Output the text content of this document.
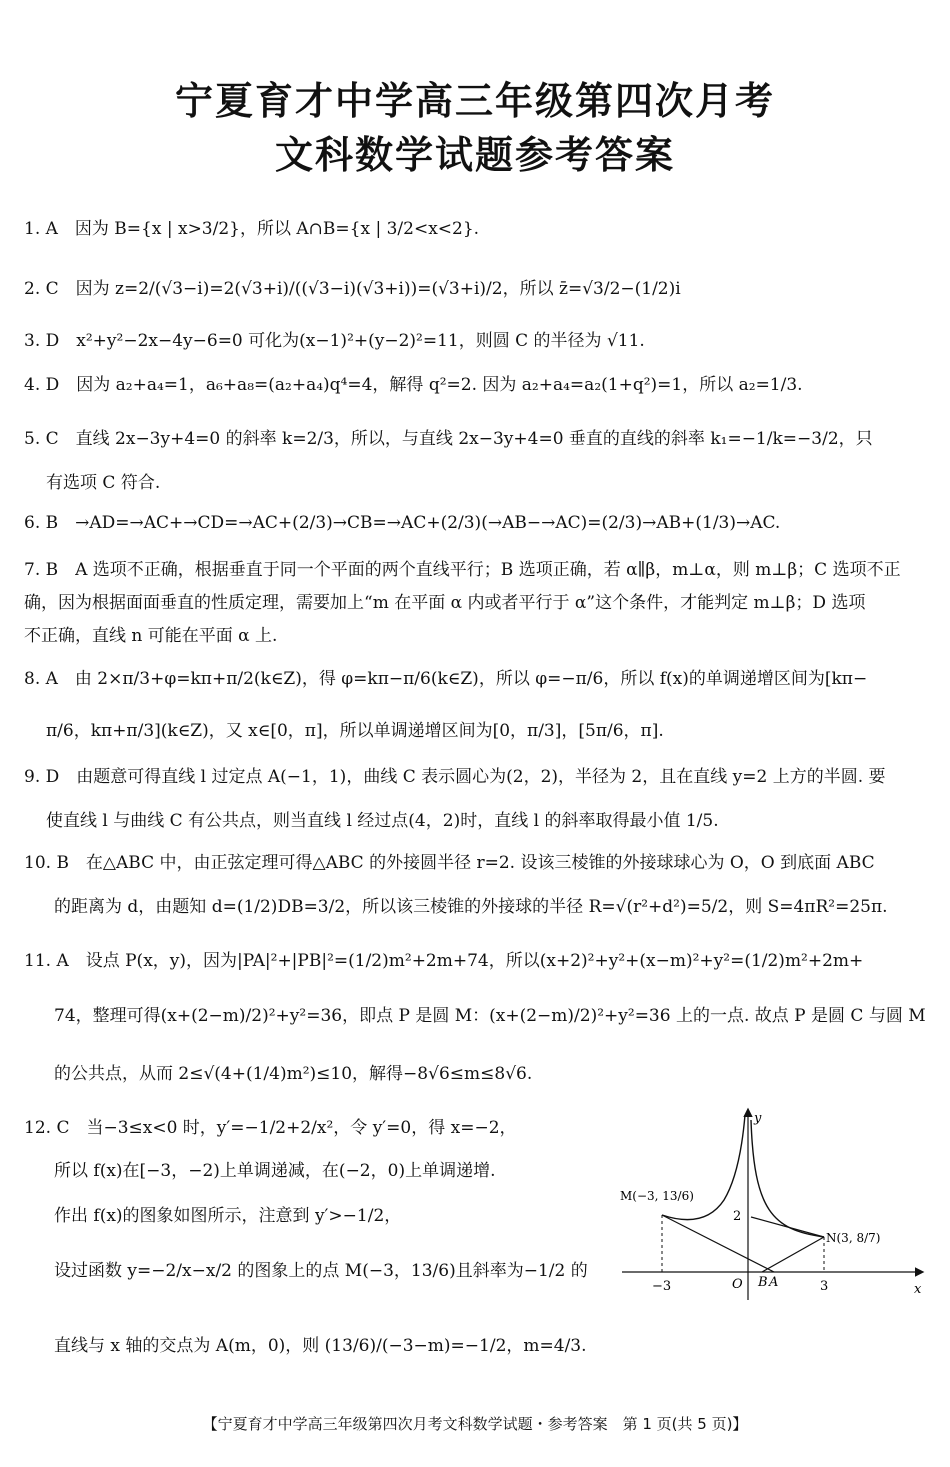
宁夏育才中学高三年级第四次月考
文科数学试题参考答案
1. A　因为 B={x | x>3/2}，所以 A∩B={x | 3/2<x<2}.
2. C　因为 z=2/(√3−i)=2(√3+i)/((√3−i)(√3+i))=(√3+i)/2，所以 z̄=√3/2−(1/2)i
3. D　x²+y²−2x−4y−6=0 可化为(x−1)²+(y−2)²=11，则圆 C 的半径为 √11.
4. D　因为 a₂+a₄=1，a₆+a₈=(a₂+a₄)q⁴=4，解得 q²=2. 因为 a₂+a₄=a₂(1+q²)=1，所以 a₂=1/3.
5. C　直线 2x−3y+4=0 的斜率 k=2/3，所以，与直线 2x−3y+4=0 垂直的直线的斜率 k₁=−1/k=−3/2，只
有选项 C 符合.
6. B　→AD=→AC+→CD=→AC+(2/3)→CB=→AC+(2/3)(→AB−→AC)=(2/3)→AB+(1/3)→AC.
7. B　A 选项不正确，根据垂直于同一个平面的两个直线平行；B 选项正确，若 α∥β，m⊥α，则 m⊥β；C 选项不正
确，因为根据面面垂直的性质定理，需要加上“m 在平面 α 内或者平行于 α”这个条件，才能判定 m⊥β；D 选项
不正确，直线 n 可能在平面 α 上.
8. A　由 2×π/3+φ=kπ+π/2(k∈Z)，得 φ=kπ−π/6(k∈Z)，所以 φ=−π/6，所以 f(x)的单调递增区间为[kπ−
π/6，kπ+π/3](k∈Z)，又 x∈[0，π]，所以单调递增区间为[0，π/3]，[5π/6，π].
9. D　由题意可得直线 l 过定点 A(−1，1)，曲线 C 表示圆心为(2，2)，半径为 2，且在直线 y=2 上方的半圆. 要
使直线 l 与曲线 C 有公共点，则当直线 l 经过点(4，2)时，直线 l 的斜率取得最小值 1/5.
10. B　在△ABC 中，由正弦定理可得△ABC 的外接圆半径 r=2. 设该三棱锥的外接球球心为 O，O 到底面 ABC
的距离为 d，由题知 d=(1/2)DB=3/2，所以该三棱锥的外接球的半径 R=√(r²+d²)=5/2，则 S=4πR²=25π.
11. A　设点 P(x，y)，因为|PA|²+|PB|²=(1/2)m²+2m+74，所以(x+2)²+y²+(x−m)²+y²=(1/2)m²+2m+
74，整理可得(x+(2−m)/2)²+y²=36，即点 P 是圆 M：(x+(2−m)/2)²+y²=36 上的一点. 故点 P 是圆 C 与圆 M
的公共点，从而 2≤√(4+(1/4)m²)≤10，解得−8√6≤m≤8√6.
12. C　当−3≤x<0 时，y′=−1/2+2/x²，令 y′=0，得 x=−2，
所以 f(x)在[−3，−2)上单调递减，在(−2，0)上单调递增.
作出 f(x)的图象如图所示，注意到 y′>−1/2，
设过函数 y=−2/x−x/2 的图象上的点 M(−3，13/6)且斜率为−1/2 的
直线与 x 轴的交点为 A(m，0)，则 (13/6)/(−3−m)=−1/2，m=4/3.
x
y
O
M(−3, 13/6)
N(3, 8/7)
2
−3	3
B A
【宁夏育才中学高三年级第四次月考文科数学试题・参考答案　第 1 页(共 5 页)】
